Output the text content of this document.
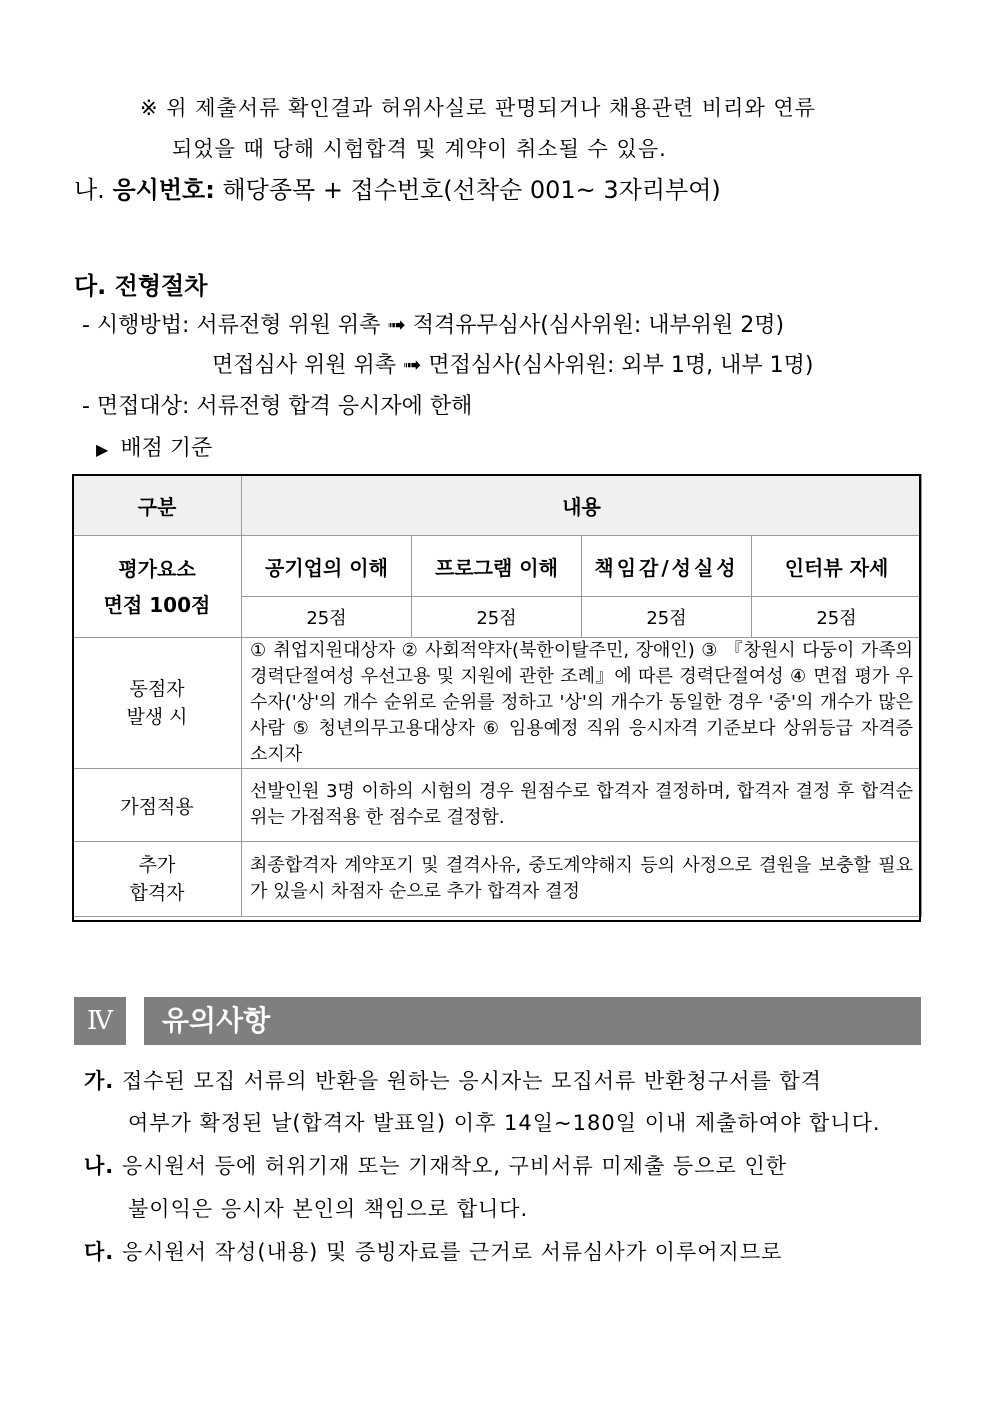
※ 위 제출서류 확인결과 허위사실로 판명되거나 채용관련 비리와 연류
되었을 때 당해 시험합격 및 계약이 취소될 수 있음.
나. 응시번호: 해당종목 + 접수번호(선착순 001~ 3자리부여)
다. 전형절차
- 시행방법: 서류전형 위원 위촉 ➟ 적격유무심사(심사위원: 내부위원 2명)
면접심사 위원 위촉 ➟ 면접심사(심사위원: 외부 1명, 내부 1명)
- 면접대상: 서류전형 합격 응시자에 한해
▶ 배점 기준
구분	내용			

평가요소
면접 100점	공기업의 이해	프로그램 이해	책임감/성실성	인터뷰 자세
	25점	25점	25점	25점

동점자
발생 시	① 취업지원대상자 ② 사회적약자(북한이탈주민, 장애인) ③ 『창원시 다둥이 가족의 경력단절여성 우선고용 및 지원에 관한 조례』에 따른 경력단절여성 ④ 면접 평가 우수자('상'의 개수 순위로 순위를 정하고 '상'의 개수가 동일한 경우 '중'의 개수가 많은 사람 ⑤ 청년의무고용대상자 ⑥ 임용예정 직위 응시자격 기준보다 상위등급 자격증 소지자			
가점적용	선발인원 3명 이하의 시험의 경우 원점수로 합격자 결정하며, 합격자 결정 후 합격순위는 가점적용 한 점수로 결정함.			

추가
합격자	최종합격자 계약포기 및 결격사유, 중도계약해지 등의 사정으로 결원을 보충할 필요가 있을시 차점자 순으로 추가 합격자 결정			
Ⅳ	유의사항
가. 접수된 모집 서류의 반환을 원하는 응시자는 모집서류 반환청구서를 합격
여부가 확정된 날(합격자 발표일) 이후 14일~180일 이내 제출하여야 합니다.
나. 응시원서 등에 허위기재 또는 기재착오, 구비서류 미제출 등으로 인한
불이익은 응시자 본인의 책임으로 합니다.
다. 응시원서 작성(내용) 및 증빙자료를 근거로 서류심사가 이루어지므로
